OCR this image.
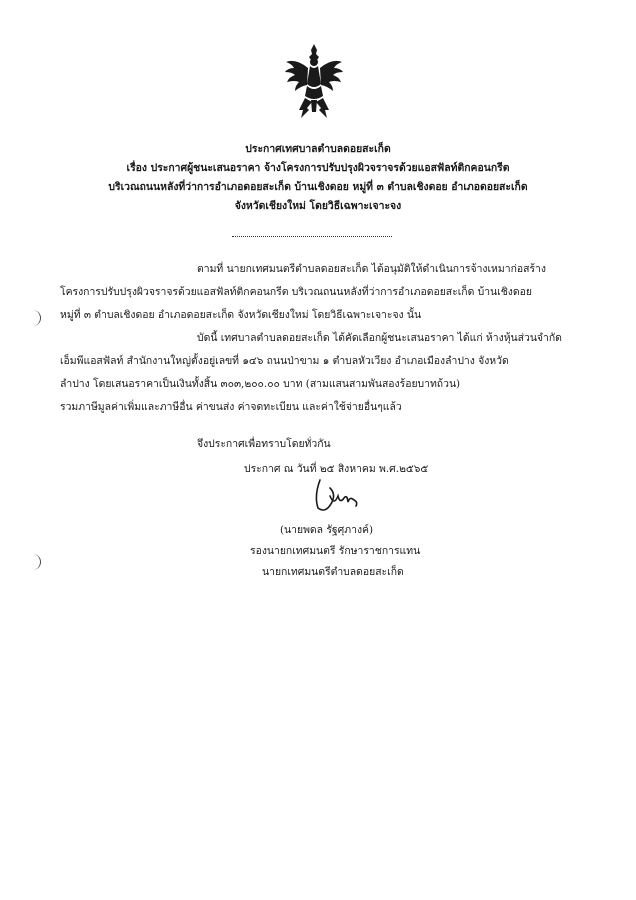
ประกาศเทศบาลตำบลดอยสะเก็ด
เรื่อง ประกาศผู้ชนะเสนอราคา จ้างโครงการปรับปรุงผิวจราจรด้วยแอสฟัลท์ติกคอนกรีต
บริเวณถนนหลังที่ว่าการอำเภอดอยสะเก็ด บ้านเชิงดอย หมู่ที่ ๓ ตำบลเชิงดอย อำเภอดอยสะเก็ด
จังหวัดเชียงใหม่ โดยวิธีเฉพาะเจาะจง
ตามที่ นายกเทศมนตรีตำบลดอยสะเก็ด ได้อนุมัติให้ดำเนินการจ้างเหมาก่อสร้าง
โครงการปรับปรุงผิวจราจรด้วยแอสฟัลท์ติกคอนกรีต บริเวณถนนหลังที่ว่าการอำเภอดอยสะเก็ด บ้านเชิงดอย
หมู่ที่ ๓ ตำบลเชิงดอย อำเภอดอยสะเก็ด จังหวัดเชียงใหม่ โดยวิธีเฉพาะเจาะจง นั้น
บัดนี้ เทศบาลตำบลดอยสะเก็ด ได้คัดเลือกผู้ชนะเสนอราคา ได้แก่ ห้างหุ้นส่วนจำกัด
เอ็มพีแอสฟัลท์ สำนักงานใหญ่ตั้งอยู่เลขที่ ๑๔๖ ถนนป่าขาม ๑ ตำบลหัวเวียง อำเภอเมืองลำปาง จังหวัด
ลำปาง โดยเสนอราคาเป็นเงินทั้งสิ้น ๓๐๓,๒๐๐.๐๐ บาท (สามแสนสามพันสองร้อยบาทถ้วน)
รวมภาษีมูลค่าเพิ่มและภาษีอื่น ค่าขนส่ง ค่าจดทะเบียน และค่าใช้จ่ายอื่นๆแล้ว
จึงประกาศเพื่อทราบโดยทั่วกัน
ประกาศ ณ วันที่ ๒๕ สิงหาคม พ.ศ.๒๕๖๕
(นายพดล รัฐศุภางค์)
รองนายกเทศมนตรี รักษาราชการแทน
นายกเทศมนตรีตำบลดอยสะเก็ด
